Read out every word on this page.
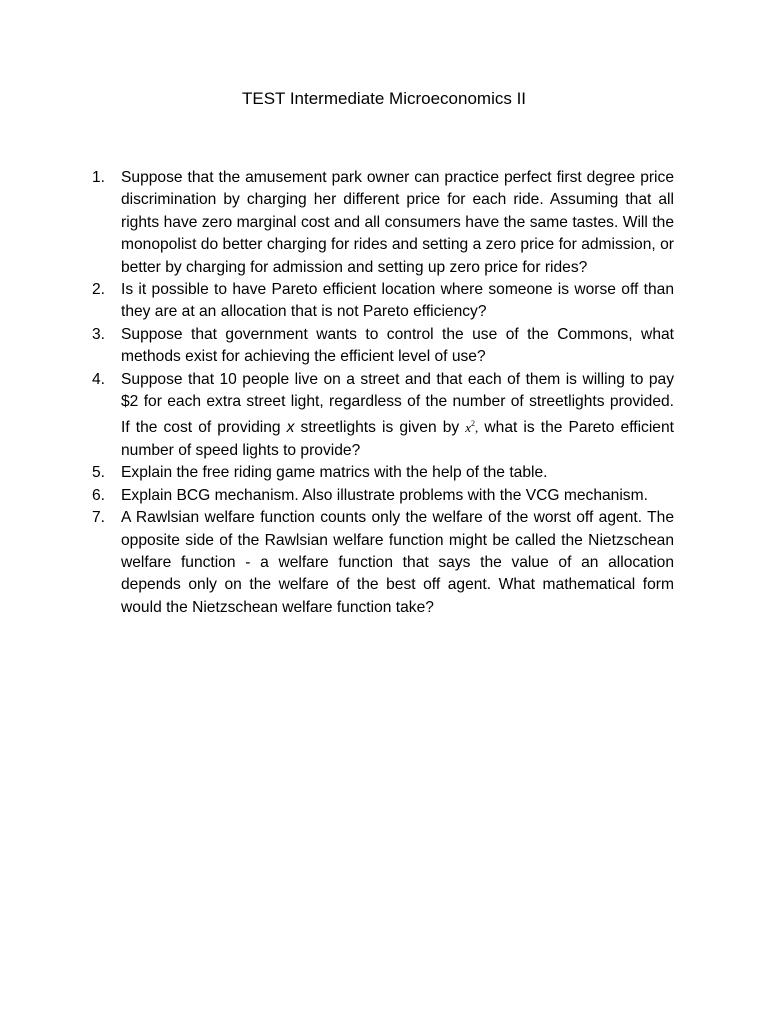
TEST Intermediate Microeconomics II
1. Suppose that the amusement park owner can practice perfect first degree price discrimination by charging her different price for each ride. Assuming that all rights have zero marginal cost and all consumers have the same tastes. Will the monopolist do better charging for rides and setting a zero price for admission, or better by charging for admission and setting up zero price for rides?
2. Is it possible to have Pareto efficient location where someone is worse off than they are at an allocation that is not Pareto efficiency?
3. Suppose that government wants to control the use of the Commons, what methods exist for achieving the efficient level of use?
4. Suppose that 10 people live on a street and that each of them is willing to pay $2 for each extra street light, regardless of the number of streetlights provided. If the cost of providing x streetlights is given by $x^2$, what is the Pareto efficient number of speed lights to provide?
5. Explain the free riding game matrics with the help of the table.
6. Explain BCG mechanism. Also illustrate problems with the VCG mechanism.
7. A Rawlsian welfare function counts only the welfare of the worst off agent. The opposite side of the Rawlsian welfare function might be called the Nietzschean welfare function - a welfare function that says the value of an allocation depends only on the welfare of the best off agent. What mathematical form would the Nietzschean welfare function take?
